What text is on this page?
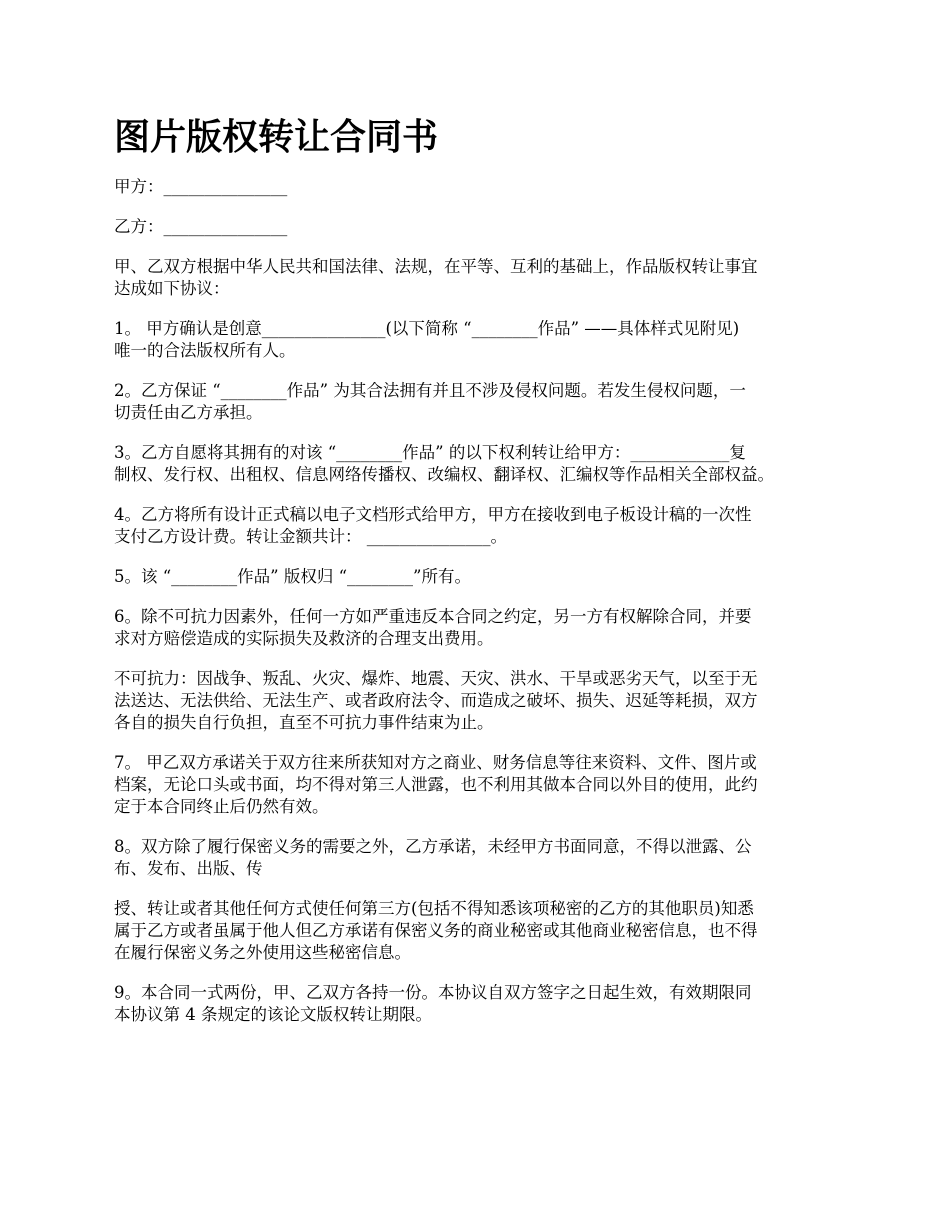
图片版权转让合同书

甲方：_______________

乙方：_______________

甲、乙双方根据中华人民共和国法律、法规，在平等、互利的基础上，作品版权转让事宜
达成如下协议：

1。 甲方确认是创意_______________(以下简称 “________作品” ——具体样式见附见)
唯一的合法版权所有人。

2。乙方保证 “________作品” 为其合法拥有并且不涉及侵权问题。若发生侵权问题，一
切责任由乙方承担。

3。乙方自愿将其拥有的对该 “________作品” 的以下权利转让给甲方：____________复
制权、发行权、出租权、信息网络传播权、改编权、翻译权、汇编权等作品相关全部权益。

4。乙方将所有设计正式稿以电子文档形式给甲方，甲方在接收到电子板设计稿的一次性
支付乙方设计费。转让金额共计： _______________。

5。该 “________作品” 版权归 “________”所有。

6。除不可抗力因素外，任何一方如严重违反本合同之约定，另一方有权解除合同，并要
求对方赔偿造成的实际损失及救济的合理支出费用。

不可抗力：因战争、叛乱、火灾、爆炸、地震、天灾、洪水、干旱或恶劣天气，以至于无
法送达、无法供给、无法生产、或者政府法令、而造成之破坏、损失、迟延等耗损，双方
各自的损失自行负担，直至不可抗力事件结束为止。

7。 甲乙双方承诺关于双方往来所获知对方之商业、财务信息等往来资料、文件、图片或
档案，无论口头或书面，均不得对第三人泄露，也不利用其做本合同以外目的使用，此约
定于本合同终止后仍然有效。

8。双方除了履行保密义务的需要之外，乙方承诺，未经甲方书面同意，不得以泄露、公
布、发布、出版、传

授、转让或者其他任何方式使任何第三方(包括不得知悉该项秘密的乙方的其他职员)知悉
属于乙方或者虽属于他人但乙方承诺有保密义务的商业秘密或其他商业秘密信息，也不得
在履行保密义务之外使用这些秘密信息。

9。本合同一式两份，甲、乙双方各持一份。本协议自双方签字之日起生效，有效期限同
本协议第 4 条规定的该论文版权转让期限。
